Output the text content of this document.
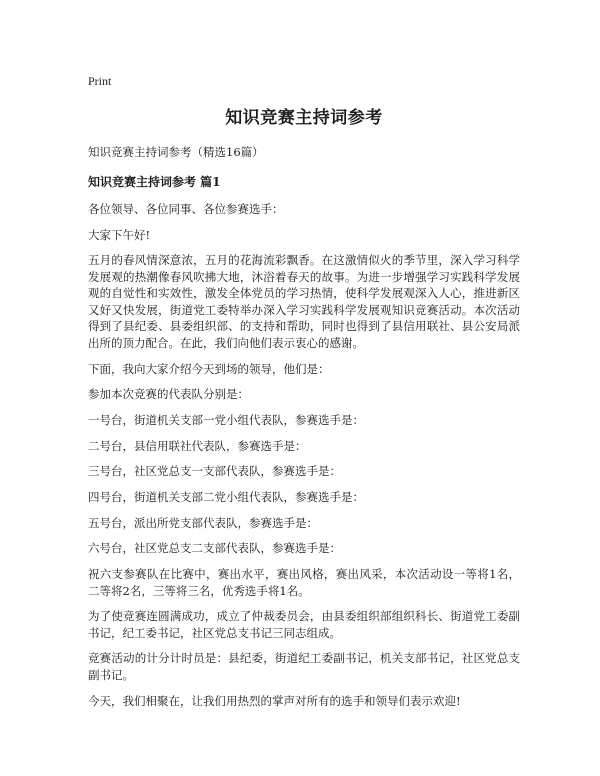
Print
知识竞赛主持词参考
知识竞赛主持词参考（精选16篇）
知识竞赛主持词参考 篇1

各位领导、各位同事、各位参赛选手：

大家下午好!

五月的春风情深意浓，五月的花海流彩飘香。在这激情似火的季节里，深入学习科学发展观的热潮像春风吹拂大地，沐浴着春天的故事。为进一步增强学习实践科学发展观的自觉性和实效性，激发全体党员的学习热情，使科学发展观深入人心，推进新区又好又快发展，街道党工委特举办深入学习实践科学发展观知识竞赛活动。本次活动得到了县纪委、县委组织部、的支持和帮助，同时也得到了县信用联社、县公安局派出所的顶力配合。在此，我们向他们表示衷心的感谢。

下面，我向大家介绍今天到场的领导，他们是：

参加本次竞赛的代表队分别是：

一号台，街道机关支部一党小组代表队，参赛选手是：

二号台，县信用联社代表队，参赛选手是：

三号台，社区党总支一支部代表队，参赛选手是：

四号台，街道机关支部二党小组代表队，参赛选手是：

五号台，派出所党支部代表队，参赛选手是：

六号台，社区党总支二支部代表队，参赛选手是：

祝六支参赛队在比赛中，赛出水平，赛出风格，赛出风采，本次活动设一等将1名，二等将2名，三等将三名，优秀选手将1名。

为了使竞赛连圆满成功，成立了仲裁委员会，由县委组织部组织科长、街道党工委副书记，纪工委书记，社区党总支书记三同志组成。

竞赛活动的计分计时员是：县纪委，街道纪工委副书记，机关支部书记，社区党总支副书记。

今天，我们相聚在，让我们用热烈的掌声对所有的选手和领导们表示欢迎!
